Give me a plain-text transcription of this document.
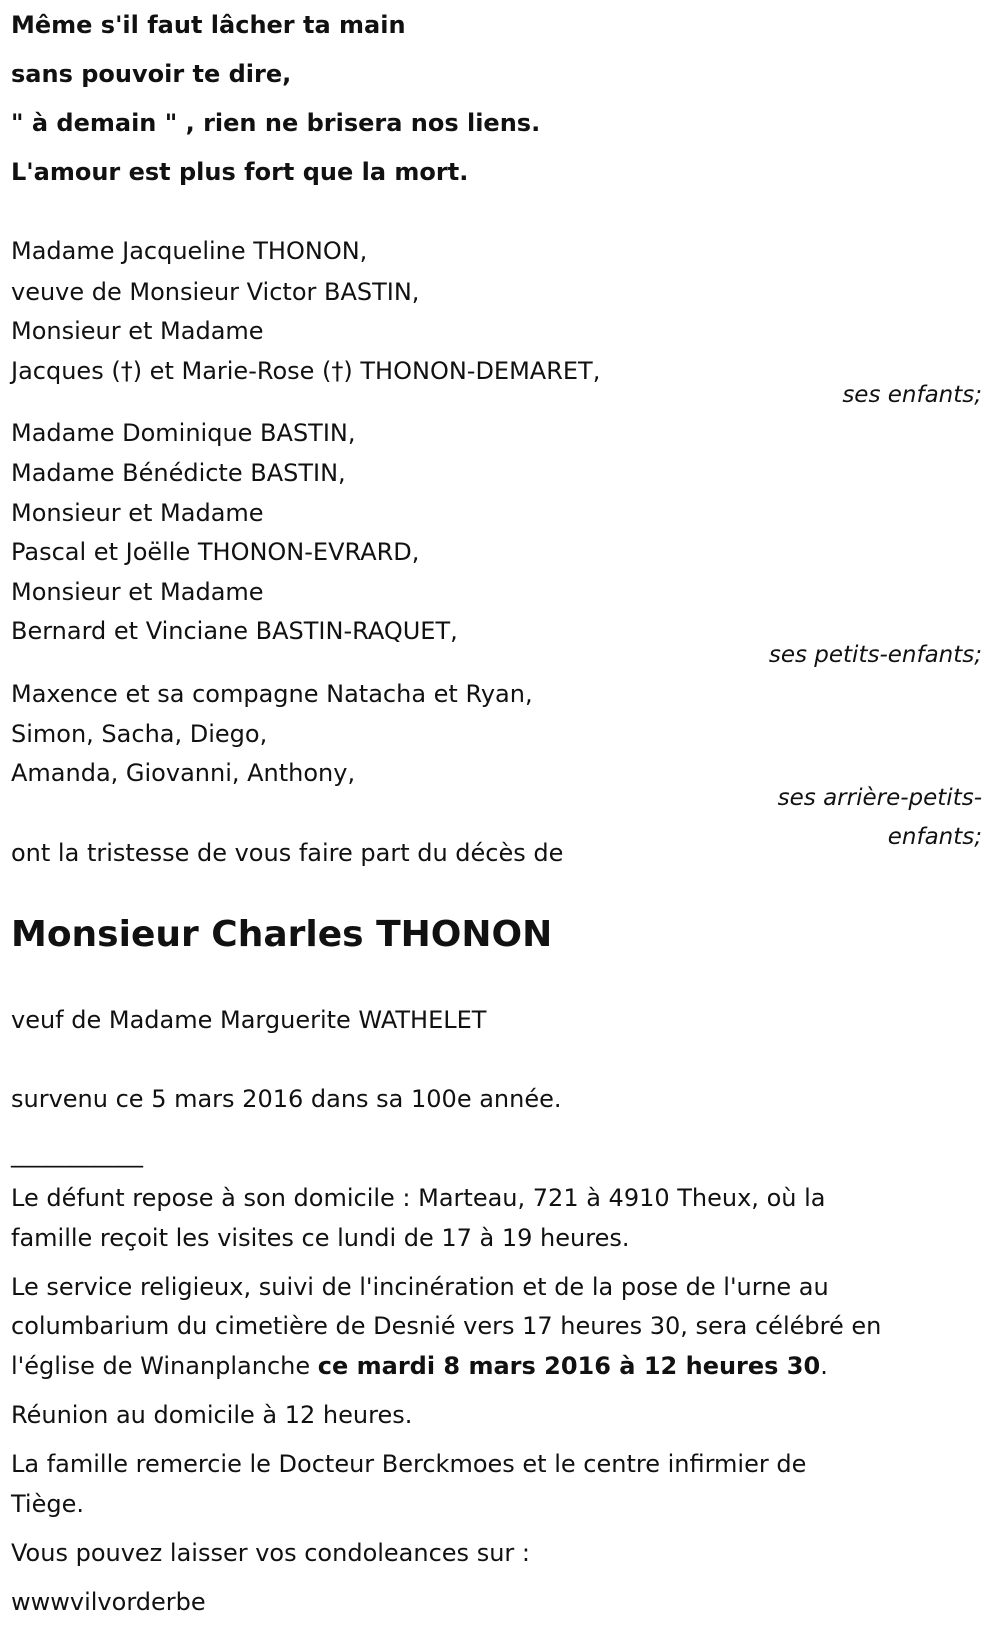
Même s'il faut lâcher ta main
sans pouvoir te dire,
" à demain " , rien ne brisera nos liens.
L'amour est plus fort que la mort.
Madame Jacqueline THONON,
veuve de Monsieur Victor BASTIN,
Monsieur et Madame
Jacques (†) et Marie-Rose (†) THONON-DEMARET,
ses enfants;
Madame Dominique BASTIN,
Madame Bénédicte BASTIN,
Monsieur et Madame
Pascal et Joëlle THONON-EVRARD,
Monsieur et Madame
Bernard et Vinciane BASTIN-RAQUET,
ses petits-enfants;
Maxence et sa compagne Natacha et Ryan,
Simon, Sacha, Diego,
Amanda, Giovanni, Anthony,
ses arrière-petits-
enfants;
ont la tristesse de vous faire part du décès de
Monsieur Charles THONON
veuf de Madame Marguerite WATHELET
survenu ce 5 mars 2016 dans sa 100e année.
___________
Le défunt repose à son domicile : Marteau, 721 à 4910 Theux, où la
famille reçoit les visites ce lundi de 17 à 19 heures.
Le service religieux, suivi de l'incinération et de la pose de l'urne au
columbarium du cimetière de Desnié vers 17 heures 30, sera célébré en
l'église de Winanplanche ce mardi 8 mars 2016 à 12 heures 30.
Réunion au domicile à 12 heures.
La famille remercie le Docteur Berckmoes et le centre infirmier de
Tiège.
Vous pouvez laisser vos condoleances sur :
wwwvilvorderbe
